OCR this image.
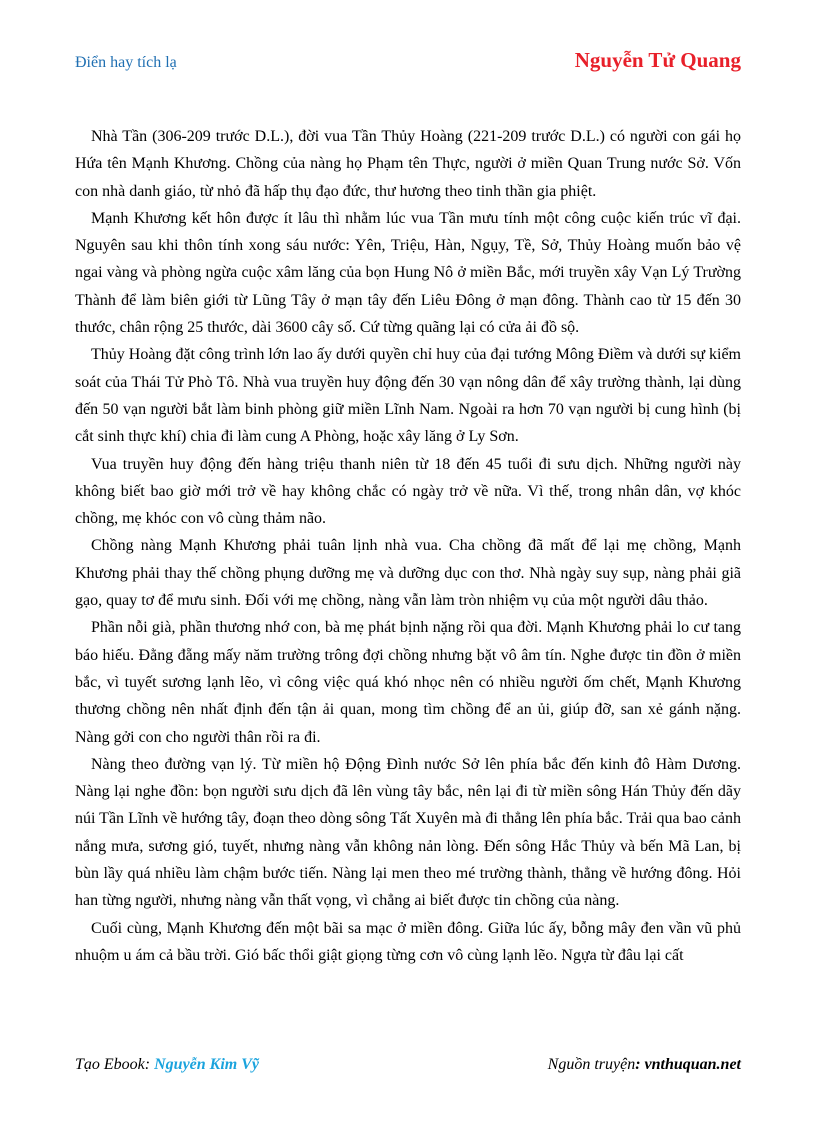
Điển hay tích lạ	Nguyễn Tử Quang

Nhà Tần (306-209 trước D.L.), đời vua Tần Thủy Hoàng (221-209 trước D.L.) có người con gái họ Hứa tên Mạnh Khương. Chồng của nàng họ Phạm tên Thực, người ở miền Quan Trung nước Sở. Vốn con nhà danh giáo, từ nhỏ đã hấp thụ đạo đức, thư hương theo tinh thần gia phiệt.

Mạnh Khương kết hôn được ít lâu thì nhằm lúc vua Tần mưu tính một công cuộc kiến trúc vĩ đại. Nguyên sau khi thôn tính xong sáu nước: Yên, Triệu, Hàn, Ngụy, Tề, Sở, Thủy Hoàng muốn bảo vệ ngai vàng và phòng ngừa cuộc xâm lăng của bọn Hung Nô ở miền Bắc, mới truyền xây Vạn Lý Trường Thành để làm biên giới từ Lũng Tây ở mạn tây đến Liêu Đông ở mạn đông. Thành cao từ 15 đến 30 thước, chân rộng 25 thước, dài 3600 cây số. Cứ từng quãng lại có cửa ải đồ sộ.

Thủy Hoàng đặt công trình lớn lao ấy dưới quyền chỉ huy của đại tướng Mông Điềm và dưới sự kiểm soát của Thái Tử Phò Tô. Nhà vua truyền huy động đến 30 vạn nông dân để xây trường thành, lại dùng đến 50 vạn người bắt làm binh phòng giữ miền Lĩnh Nam. Ngoài ra hơn 70 vạn người bị cung hình (bị cắt sinh thực khí) chia đi làm cung A Phòng, hoặc xây lăng ở Ly Sơn.

Vua truyền huy động đến hàng triệu thanh niên từ 18 đến 45 tuổi đi sưu dịch. Những người này không biết bao giờ mới trở về hay không chắc có ngày trở về nữa. Vì thế, trong nhân dân, vợ khóc chồng, mẹ khóc con vô cùng thảm não.

Chồng nàng Mạnh Khương phải tuân lịnh nhà vua. Cha chồng đã mất để lại mẹ chồng, Mạnh Khương phải thay thế chồng phụng dưỡng mẹ và dưỡng dục con thơ. Nhà ngày suy sụp, nàng phải giã gạo, quay tơ để mưu sinh. Đối với mẹ chồng, nàng vẫn làm tròn nhiệm vụ của một người dâu thảo.

Phần nỗi già, phần thương nhớ con, bà mẹ phát bịnh nặng rồi qua đời. Mạnh Khương phải lo cư tang báo hiếu. Đằng đẵng mấy năm trường trông đợi chồng nhưng bặt vô âm tín. Nghe được tin đồn ở miền bắc, vì tuyết sương lạnh lẽo, vì công việc quá khó nhọc nên có nhiều người ốm chết, Mạnh Khương thương chồng nên nhất định đến tận ải quan, mong tìm chồng để an ủi, giúp đỡ, san xẻ gánh nặng. Nàng gởi con cho người thân rồi ra đi.

Nàng theo đường vạn lý. Từ miền hộ Động Đình nước Sở lên phía bắc đến kinh đô Hàm Dương. Nàng lại nghe đồn: bọn người sưu dịch đã lên vùng tây bắc, nên lại đi từ miền sông Hán Thủy đến dãy núi Tần Lĩnh về hướng tây, đoạn theo dòng sông Tất Xuyên mà đi thẳng lên phía bắc. Trải qua bao cảnh nắng mưa, sương gió, tuyết, nhưng nàng vẫn không nản lòng. Đến sông Hắc Thủy và bến Mã Lan, bị bùn lầy quá nhiều làm chậm bước tiến. Nàng lại men theo mé trường thành, thẳng về hướng đông. Hỏi han từng người, nhưng nàng vẫn thất vọng, vì chẳng ai biết được tin chồng của nàng.

Cuối cùng, Mạnh Khương đến một bãi sa mạc ở miền đông. Giữa lúc ấy, bỗng mây đen vần vũ phủ nhuộm u ám cả bầu trời. Gió bấc thổi giật giọng từng cơn vô cùng lạnh lẽo. Ngựa từ đâu lại cất

Tạo Ebook: Nguyễn Kim Vỹ	Nguồn truyện: vnthuquan.net
